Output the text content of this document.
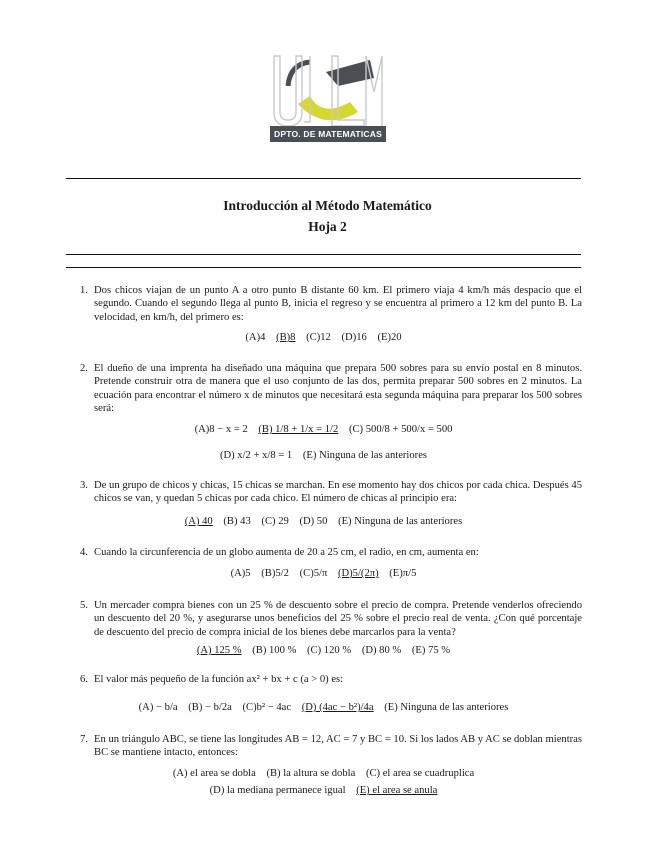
DPTO. DE MATEMATICAS
Introducción al Método Matemático
Hoja 2
1. Dos chicos viajan de un punto A a otro punto B distante 60 km. El primero viaja 4 km/h más despacio que el segundo. Cuando el segundo llega al punto B, inicia el regreso y se encuentra al primero a 12 km del punto B. La velocidad, en km/h, del primero es:
(A)4 (B)8 (C)12 (D)16 (E)20
2. El dueño de una imprenta ha diseñado una máquina que prepara 500 sobres para su envío postal en 8 minutos. Pretende construir otra de manera que el uso conjunto de las dos, permita preparar 500 sobres en 2 minutos. La ecuación para encontrar el número x de minutos que necesitará esta segunda máquina para preparar los 500 sobres será:
(A)8 − x = 2 (B) 1/8 + 1/x = 1/2 (C) 500/8 + 500/x = 500
(D) x/2 + x/8 = 1 (E) Ninguna de las anteriores
3. De un grupo de chicos y chicas, 15 chicas se marchan. En ese momento hay dos chicos por cada chica. Después 45 chicos se van, y quedan 5 chicas por cada chico. El número de chicas al principio era:
(A) 40 (B) 43 (C) 29 (D) 50 (E) Ninguna de las anteriores
4. Cuando la circunferencia de un globo aumenta de 20 a 25 cm, el radio, en cm, aumenta en:
(A)5 (B)5/2 (C)5/π (D)5/(2π) (E)π/5
5. Un mercader compra bienes con un 25 % de descuento sobre el precio de compra. Pretende venderlos ofreciendo un descuento del 20 %, y asegurarse unos beneficios del 25 % sobre el precio real de venta. ¿Con qué porcentaje de descuento del precio de compra inicial de los bienes debe marcarlos para la venta?
(A) 125 % (B) 100 % (C) 120 % (D) 80 % (E) 75 %
6. El valor más pequeño de la función ax² + bx + c (a > 0) es:
(A) − b/a (B) − b/2a (C)b² − 4ac (D) (4ac − b²)/4a (E) Ninguna de las anteriores
7. En un triángulo ABC, se tiene las longitudes AB = 12, AC = 7 y BC = 10. Si los lados AB y AC se doblan mientras BC se mantiene intacto, entonces:
(A) el area se dobla (B) la altura se dobla (C) el area se cuadruplica
(D) la mediana permanece igual (E) el area se anula
